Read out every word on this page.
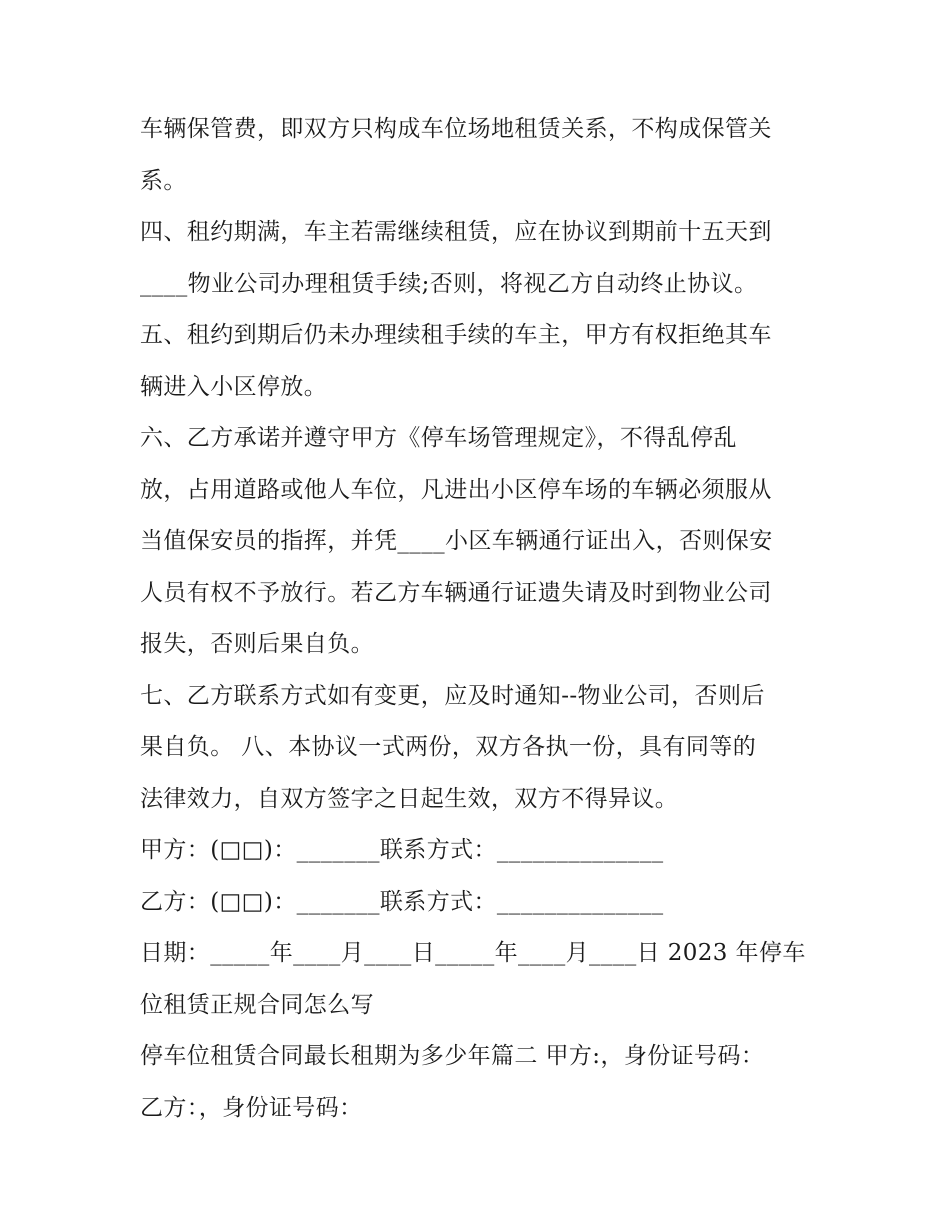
车辆保管费，即双方只构成车位场地租赁关系，不构成保管关
系。
四、租约期满，车主若需继续租赁，应在协议到期前十五天到
____物业公司办理租赁手续;否则，将视乙方自动终止协议。
五、租约到期后仍未办理续租手续的车主，甲方有权拒绝其车
辆进入小区停放。
六、乙方承诺并遵守甲方《停车场管理规定》，不得乱停乱
放，占用道路或他人车位，凡进出小区停车场的车辆必须服从
当值保安员的指挥，并凭____小区车辆通行证出入，否则保安
人员有权不予放行。若乙方车辆通行证遗失请及时到物业公司
报失，否则后果自负。
七、乙方联系方式如有变更，应及时通知--物业公司，否则后
果自负。 八、本协议一式两份，双方各执一份，具有同等的
法律效力，自双方签字之日起生效，双方不得异议。
甲方：(□□)：_______联系方式：______________
乙方：(□□)：_______联系方式：______________
日期：_____年____月____日_____年____月____日 2023 年停车
位租赁正规合同怎么写
停车位租赁合同最长租期为多少年篇二 甲方:，身份证号码：
乙方：，身份证号码：
